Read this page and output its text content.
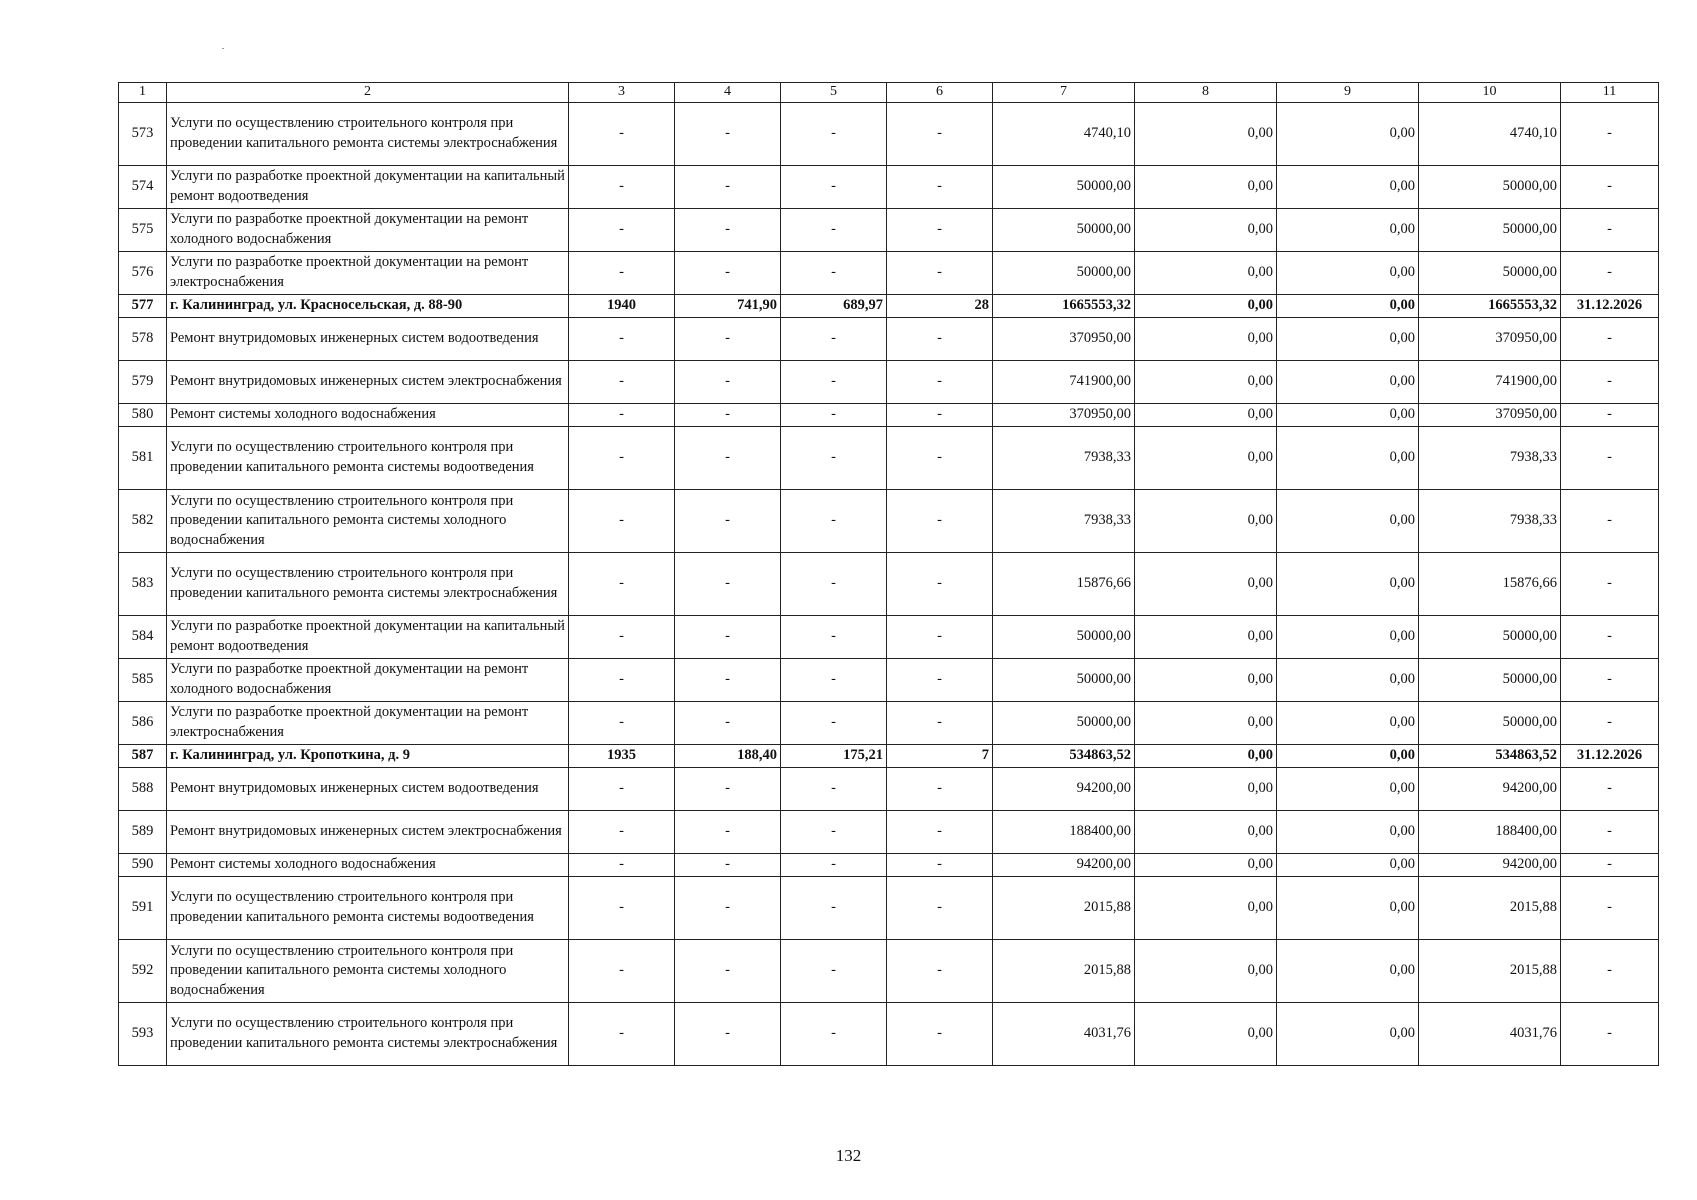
1	2	3	4	5	6	7	8	9	10	11
573	Услуги по осуществлению строительного контроля при проведении капитального ремонта системы электроснабжения	-	-	-	-	4740,10	0,00	0,00	4740,10	-
574	Услуги по разработке проектной документации на капитальный ремонт водоотведения	-	-	-	-	50000,00	0,00	0,00	50000,00	-
575	Услуги по разработке проектной документации на ремонт холодного водоснабжения	-	-	-	-	50000,00	0,00	0,00	50000,00	-
576	Услуги по разработке проектной документации на ремонт электроснабжения	-	-	-	-	50000,00	0,00	0,00	50000,00	-
577	г. Калининград, ул. Красносельская, д. 88-90	1940	741,90	689,97	28	1665553,32	0,00	0,00	1665553,32	31.12.2026
578	Ремонт внутридомовых инженерных систем водоотведения	-	-	-	-	370950,00	0,00	0,00	370950,00	-
579	Ремонт внутридомовых инженерных систем электроснабжения	-	-	-	-	741900,00	0,00	0,00	741900,00	-
580	Ремонт системы холодного водоснабжения	-	-	-	-	370950,00	0,00	0,00	370950,00	-
581	Услуги по осуществлению строительного контроля при проведении капитального ремонта системы водоотведения	-	-	-	-	7938,33	0,00	0,00	7938,33	-
582	Услуги по осуществлению строительного контроля при проведении капитального ремонта системы холодного водоснабжения	-	-	-	-	7938,33	0,00	0,00	7938,33	-
583	Услуги по осуществлению строительного контроля при проведении капитального ремонта системы электроснабжения	-	-	-	-	15876,66	0,00	0,00	15876,66	-
584	Услуги по разработке проектной документации на капитальный ремонт водоотведения	-	-	-	-	50000,00	0,00	0,00	50000,00	-
585	Услуги по разработке проектной документации на ремонт холодного водоснабжения	-	-	-	-	50000,00	0,00	0,00	50000,00	-
586	Услуги по разработке проектной документации на ремонт электроснабжения	-	-	-	-	50000,00	0,00	0,00	50000,00	-
587	г. Калининград, ул. Кропоткина, д. 9	1935	188,40	175,21	7	534863,52	0,00	0,00	534863,52	31.12.2026
588	Ремонт внутридомовых инженерных систем водоотведения	-	-	-	-	94200,00	0,00	0,00	94200,00	-
589	Ремонт внутридомовых инженерных систем электроснабжения	-	-	-	-	188400,00	0,00	0,00	188400,00	-
590	Ремонт системы холодного водоснабжения	-	-	-	-	94200,00	0,00	0,00	94200,00	-
591	Услуги по осуществлению строительного контроля при проведении капитального ремонта системы водоотведения	-	-	-	-	2015,88	0,00	0,00	2015,88	-
592	Услуги по осуществлению строительного контроля при проведении капитального ремонта системы холодного водоснабжения	-	-	-	-	2015,88	0,00	0,00	2015,88	-
593	Услуги по осуществлению строительного контроля при проведении капитального ремонта системы электроснабжения	-	-	-	-	4031,76	0,00	0,00	4031,76	-
132
